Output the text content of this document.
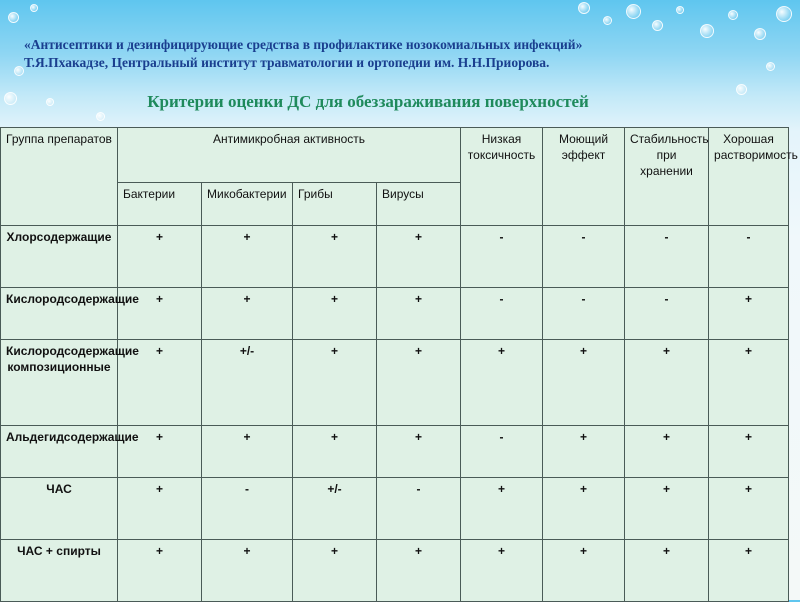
«Антисептики и дезинфицирующие средства в профилактике нозокомиальных инфекций»

Т.Я.Пхакадзе, Центральный институт травматологии и ортопедии им. Н.Н.Приорова.

Критерии оценки ДС для обеззараживания поверхностей
Группа препаратов	Антимикробная активность				Низкая токсичность	Моющий эффект	Стабильность при хранении	Хорошая растворимость
	Бактерии	Микобактерии	Грибы	Вирусы				
Хлорсодержащие	+	+	+	+	-	-	-	-
Кислородсодержащие	+	+	+	+	-	-	-	+
Кислородсодержащие композиционные	+	+/-	+	+	+	+	+	+
Альдегидсодержащие	+	+	+	+	-	+	+	+
ЧАС	+	-	+/-	-	+	+	+	+
ЧАС + спирты	+	+	+	+	+	+	+	+
